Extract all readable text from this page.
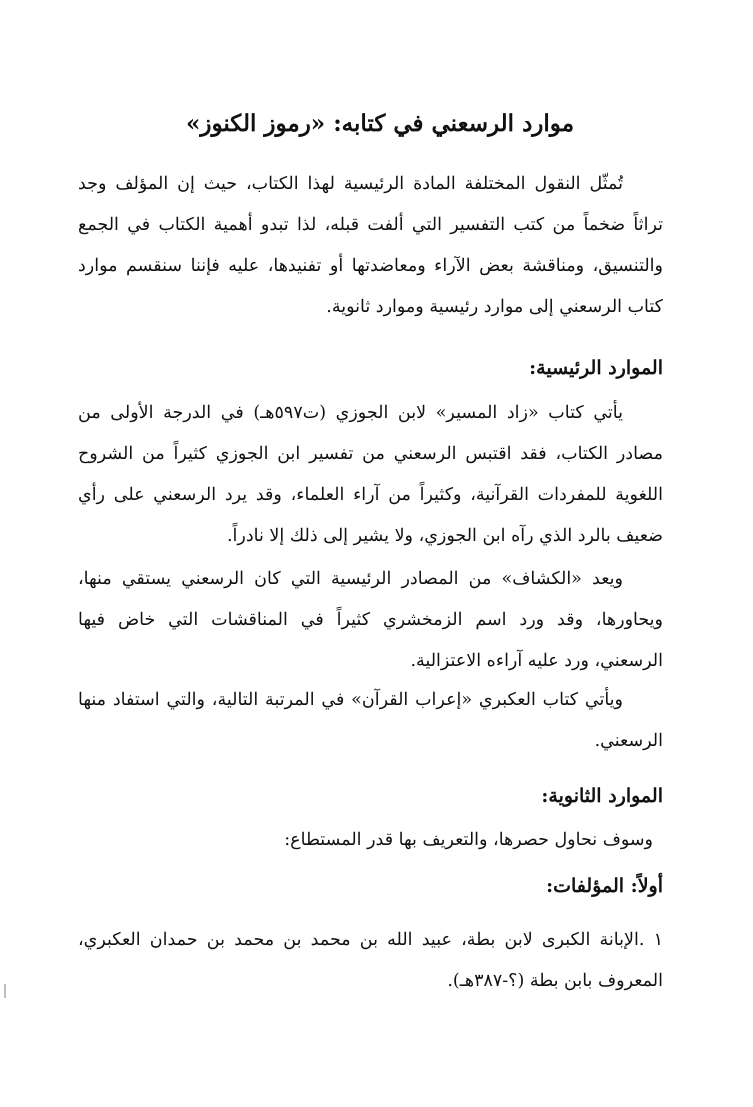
موارد الرسعني في كتابه: «رموز الكنوز»

تُمثّل النقول المختلفة المادة الرئيسية لهذا الكتاب، حيث إن المؤلف وجد تراثاً ضخماً من كتب التفسير التي ألفت قبله، لذا تبدو أهمية الكتاب في الجمع والتنسيق، ومناقشة بعض الآراء ومعاضدتها أو تفنيدها، عليه فإننا سنقسم موارد كتاب الرسعني إلى موارد رئيسية وموارد ثانوية.

الموارد الرئيسية:

يأتي كتاب «زاد المسير» لابن الجوزي (ت٥٩٧هـ) في الدرجة الأولى من مصادر الكتاب، فقد اقتبس الرسعني من تفسير ابن الجوزي كثيراً من الشروح اللغوية للمفردات القرآنية، وكثيراً من آراء العلماء، وقد يرد الرسعني على رأي ضعيف بالرد الذي رآه ابن الجوزي، ولا يشير إلى ذلك إلا نادراً.

ويعد «الكشاف» من المصادر الرئيسية التي كان الرسعني يستقي منها، ويحاورها، وقد ورد اسم الزمخشري كثيراً في المناقشات التي خاض فيها الرسعني، ورد عليه آراءه الاعتزالية.

ويأتي كتاب العكبري «إعراب القرآن» في المرتبة التالية، والتي استفاد منها الرسعني.

الموارد الثانوية:

وسوف نحاول حصرها، والتعريف بها قدر المستطاع:

أولاً: المؤلفات:

١ .الإبانة الكبرى لابن بطة، عبيد الله بن محمد بن محمد بن حمدان العكبري، المعروف بابن بطة (؟-٣٨٧هـ).
